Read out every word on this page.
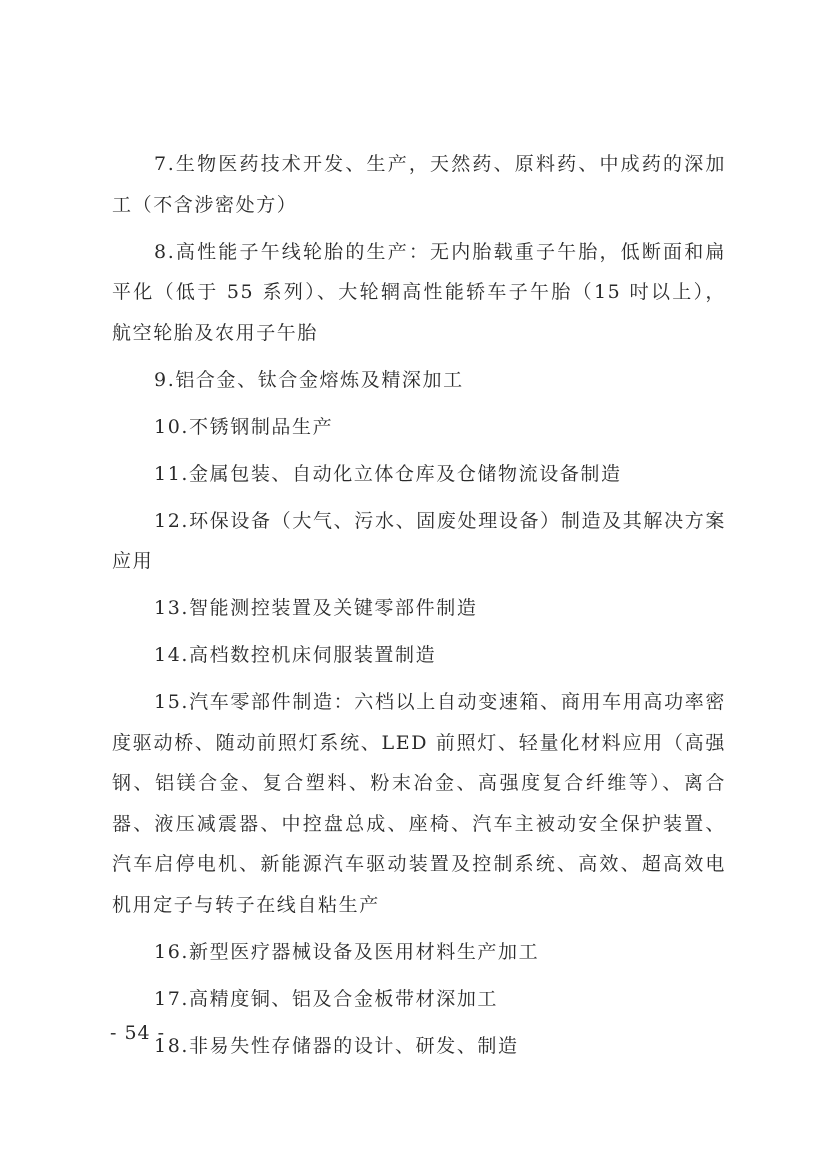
7.生物医药技术开发、生产，天然药、原料药、中成药的深加工（不含涉密处方）

8.高性能子午线轮胎的生产：无内胎载重子午胎，低断面和扁平化（低于 55 系列）、大轮辋高性能轿车子午胎（15 吋以上），航空轮胎及农用子午胎

9.铝合金、钛合金熔炼及精深加工

10.不锈钢制品生产

11.金属包装、自动化立体仓库及仓储物流设备制造

12.环保设备（大气、污水、固废处理设备）制造及其解决方案应用

13.智能测控装置及关键零部件制造

14.高档数控机床伺服装置制造

15.汽车零部件制造：六档以上自动变速箱、商用车用高功率密度驱动桥、随动前照灯系统、LED 前照灯、轻量化材料应用（高强钢、铝镁合金、复合塑料、粉末冶金、高强度复合纤维等）、离合器、液压减震器、中控盘总成、座椅、汽车主被动安全保护装置、汽车启停电机、新能源汽车驱动装置及控制系统、高效、超高效电机用定子与转子在线自粘生产

16.新型医疗器械设备及医用材料生产加工

17.高精度铜、铝及合金板带材深加工

18.非易失性存储器的设计、研发、制造

- 54 -
